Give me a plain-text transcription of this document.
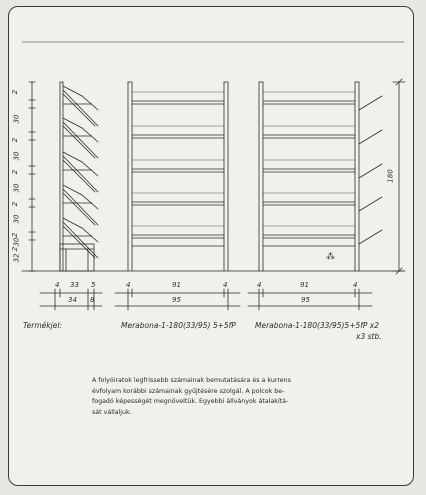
2
30
2
30
2
30
2
30
2
30
2
32
180
⁂
4 33 5
34 8
4	91	4
95
4	91	4
95
Termékjel:	Merabona-1-180(33/95) 5+5fP	Merabona-1-180(33/95)5+5fP x2
x3 stb.
A folyóiratok legfrissebb számainak bemutatására és a kurrens
évfolyam korábbi számainak gyűjtésére szolgál. A polcok be-
fogadó képességét megnöveltük. Egyebbi állványok átalakítá-
sát vállaljuk.
